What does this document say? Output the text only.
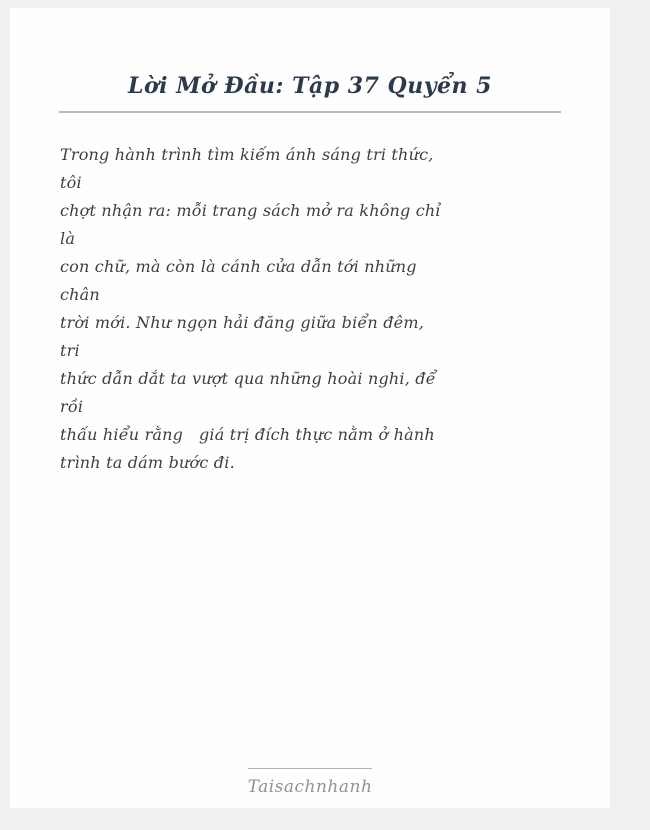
Lời Mở Đầu: Tập 37 Quyển 5
Trong hành trình tìm kiếm ánh sáng tri thức,
tôi
chợt nhận ra: mỗi trang sách mở ra không chỉ
là
con chữ, mà còn là cánh cửa dẫn tới những
chân
trời mới. Như ngọn hải đăng giữa biển đêm,
tri
thức dẫn dắt ta vượt qua những hoài nghi, để
rồi
thấu hiểu rằng   giá trị đích thực nằm ở hành
trình ta dám bước đi.
Taisachnhanh
